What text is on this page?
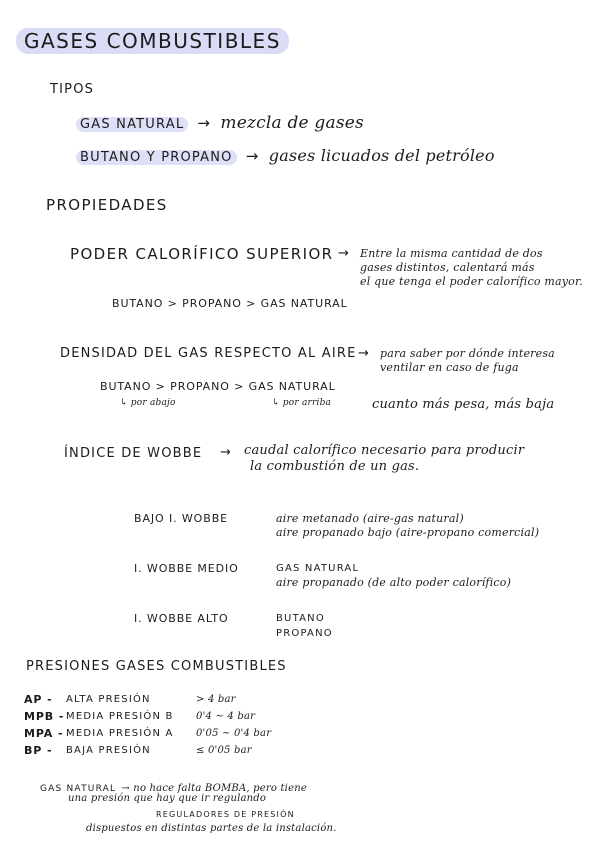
GASES COMBUSTIBLES
TIPOS
GAS NATURAL → mezcla de gases
BUTANO Y PROPANO → gases licuados del petróleo
PROPIEDADES
PODER CALORÍFICO SUPERIOR → Entre la misma cantidad de dos
gases distintos, calentará más
el que tenga el poder calorífico mayor.
BUTANO > PROPANO > GAS NATURAL
DENSIDAD DEL GAS RESPECTO AL AIRE → para saber por dónde interesa
ventilar en caso de fuga
BUTANO > PROPANO > GAS NATURAL
↳ por abajo	↳ por arriba	cuanto más pesa, más baja
ÍNDICE DE WOBBE → caudal calorífico necesario para producir
la combustión de un gas.
BAJO I. WOBBE	aire metanado (aire-gas natural)
aire propanado bajo (aire-propano comercial)
I. WOBBE MEDIO	GAS NATURAL
aire propanado (de alto poder calorífico)
I. WOBBE ALTO	BUTANO
PROPANO
PRESIONES GASES COMBUSTIBLES
AP - ALTA PRESIÓN	> 4 bar
MPB - MEDIA PRESIÓN B 0'4 ~ 4 bar
MPA - MEDIA PRESIÓN A 0'05 ~ 0'4 bar
BP - BAJA PRESIÓN	≤ 0'05 bar
GAS NATURAL → no hace falta BOMBA, pero tiene
una presión que hay que ir regulando
REGULADORES DE PRESIÓN
dispuestos en distintas partes de la instalación.
